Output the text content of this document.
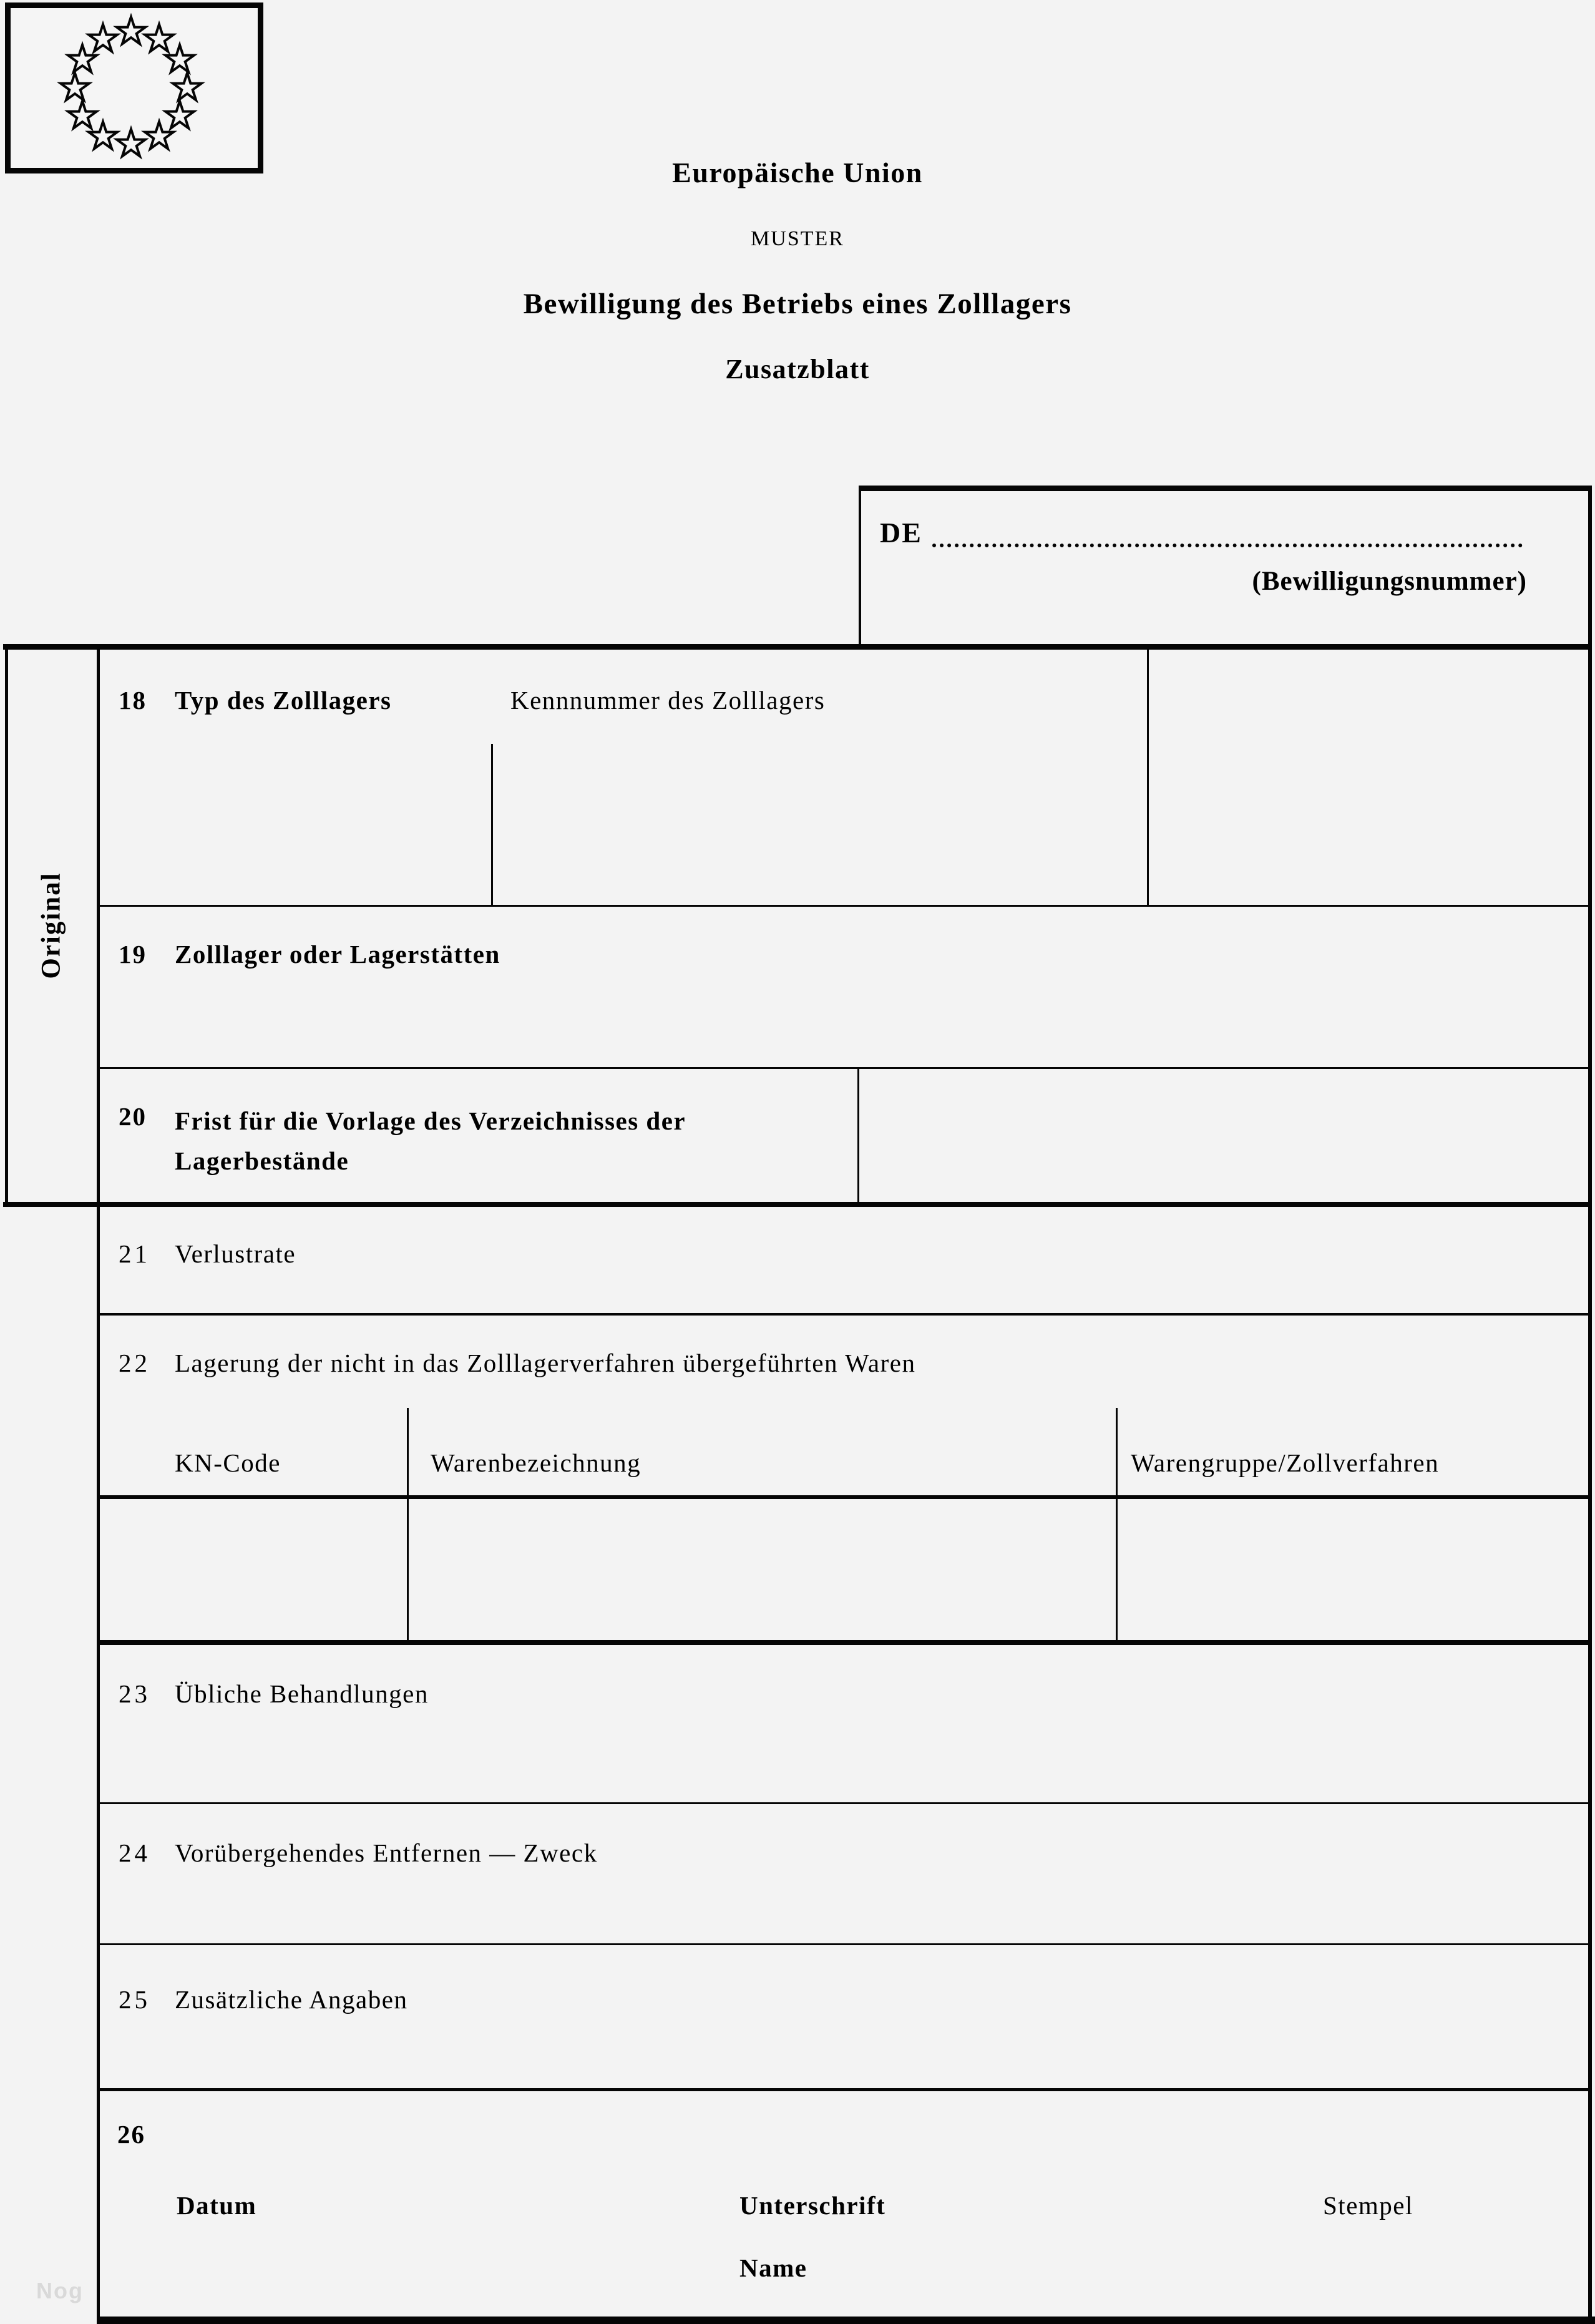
Europäische Union
MUSTER
Bewilligung des Betriebs eines Zolllagers
Zusatzblatt
DE
(Bewilligungsnummer)
Original
18 Typ des Zolllagers	Kennnummer des Zolllagers
19 Zolllager oder Lagerstätten
20 Frist für die Vorlage des Verzeichnisses der Lagerbestände
21 Verlustrate
22 Lagerung der nicht in das Zolllagerverfahren übergeführten Waren
KN-Code	Warenbezeichnung	Warengruppe/Zollverfahren
23 Übliche Behandlungen
24 Vorübergehendes Entfernen — Zweck
25 Zusätzliche Angaben
26
Datum	Unterschrift	Stempel
Name
Nog
